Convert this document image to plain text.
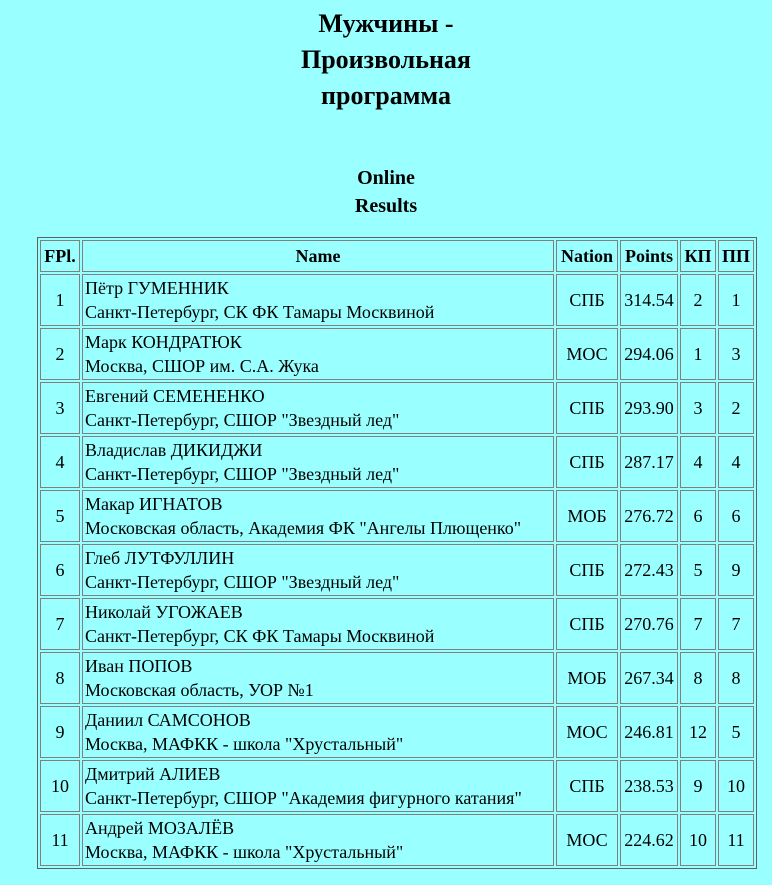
Мужчины -
Произвольная
программа
Online
Results
FPl.	Name	Nation	Points	КП	ПП
1	Пётр ГУМЕННИК
Санкт-Петербург, СК ФК Тамары Москвиной	СПБ	314.54	2	1
2	Марк КОНДРАТЮК
Москва, СШОР им. С.А. Жука	МОС	294.06	1	3
3	Евгений СЕМЕНЕНКО
Санкт-Петербург, СШОР "Звездный лед"	СПБ	293.90	3	2
4	Владислав ДИКИДЖИ
Санкт-Петербург, СШОР "Звездный лед"	СПБ	287.17	4	4
5	Макар ИГНАТОВ
Московская область, Академия ФК "Ангелы Плющенко"	МОБ	276.72	6	6
6	Глеб ЛУТФУЛЛИН
Санкт-Петербург, СШОР "Звездный лед"	СПБ	272.43	5	9
7	Николай УГОЖАЕВ
Санкт-Петербург, СК ФК Тамары Москвиной	СПБ	270.76	7	7
8	Иван ПОПОВ
Московская область, УОР №1	МОБ	267.34	8	8
9	Даниил САМСОНОВ
Москва, МАФКК - школа "Хрустальный"	МОС	246.81	12	5
10	Дмитрий АЛИЕВ
Санкт-Петербург, СШОР "Академия фигурного катания"	СПБ	238.53	9	10
11	Андрей МОЗАЛЁВ
Москва, МАФКК - школа "Хрустальный"	МОС	224.62	10	11
